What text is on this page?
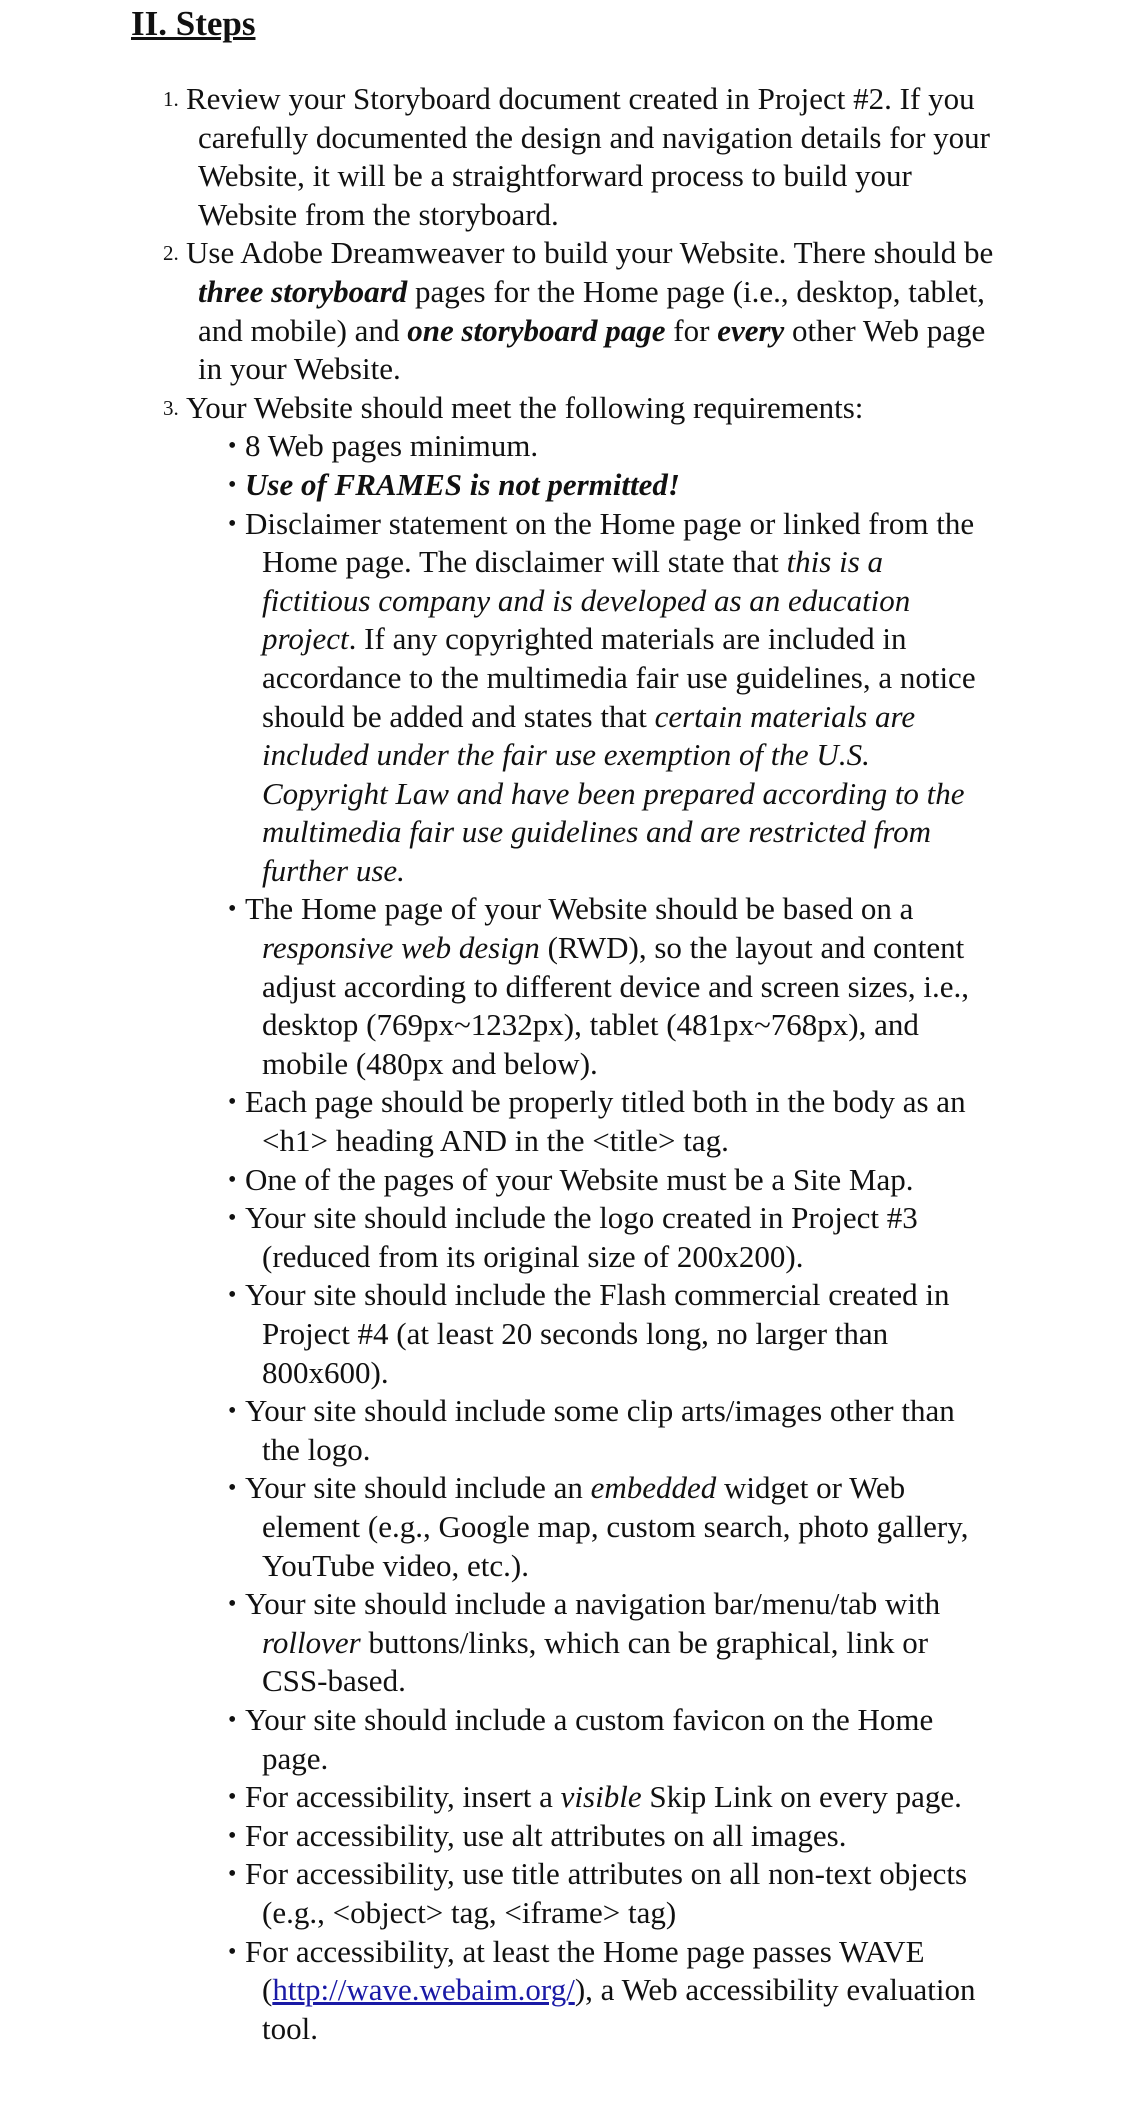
II. Steps
1. Review your Storyboard document created in Project #2. If you carefully documented the design and navigation details for your Website, it will be a straightforward process to build your Website from the storyboard.
2. Use Adobe Dreamweaver to build your Website. There should be three storyboard pages for the Home page (i.e., desktop, tablet, and mobile) and one storyboard page for every other Web page in your Website.
3. Your Website should meet the following requirements:
• 8 Web pages minimum.
• Use of FRAMES is not permitted!
• Disclaimer statement on the Home page or linked from the Home page. The disclaimer will state that this is a fictitious company and is developed as an education project. If any copyrighted materials are included in accordance to the multimedia fair use guidelines, a notice should be added and states that certain materials are included under the fair use exemption of the U.S. Copyright Law and have been prepared according to the multimedia fair use guidelines and are restricted from further use.
• The Home page of your Website should be based on a responsive web design (RWD), so the layout and content adjust according to different device and screen sizes, i.e., desktop (769px~1232px), tablet (481px~768px), and mobile (480px and below).
• Each page should be properly titled both in the body as an <h1> heading AND in the <title> tag.
• One of the pages of your Website must be a Site Map.
• Your site should include the logo created in Project #3 (reduced from its original size of 200x200).
• Your site should include the Flash commercial created in Project #4 (at least 20 seconds long, no larger than 800x600).
• Your site should include some clip arts/images other than the logo.
• Your site should include an embedded widget or Web element (e.g., Google map, custom search, photo gallery, YouTube video, etc.).
• Your site should include a navigation bar/menu/tab with rollover buttons/links, which can be graphical, link or CSS-based.
• Your site should include a custom favicon on the Home page.
• For accessibility, insert a visible Skip Link on every page.
• For accessibility, use alt attributes on all images.
• For accessibility, use title attributes on all non-text objects (e.g., <object> tag, <iframe> tag)
• For accessibility, at least the Home page passes WAVE (http://wave.webaim.org/), a Web accessibility evaluation tool.
